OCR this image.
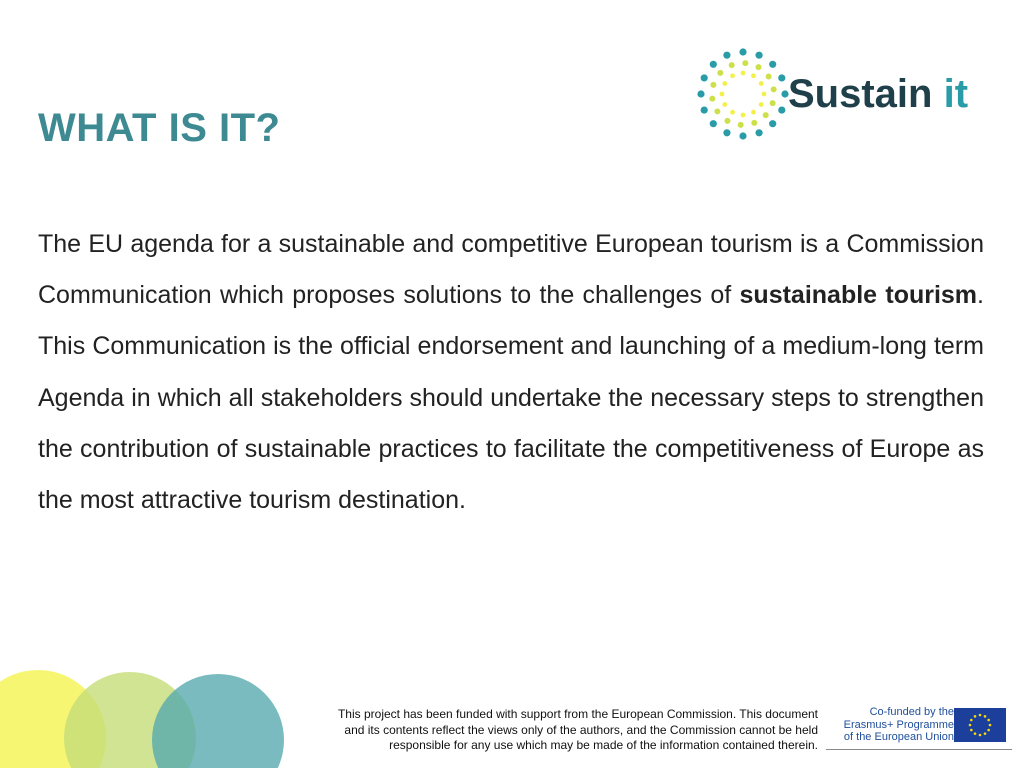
WHAT IS IT?
Sustain it

The EU agenda for a sustainable and competitive European tourism is a Commission Communication which proposes solutions to the challenges of sustainable tourism. This Communication is the official endorsement and launching of a medium-long term Agenda in which all stakeholders should undertake the necessary steps to strengthen the contribution of sustainable practices to facilitate the competitiveness of Europe as the most attractive tourism destination.

This project has been funded with support from the European Commission. This document
and its contents reflect the views only of the authors, and the Commission cannot be held
responsible for any use which may be made of the information contained therein.
Co-funded by the
Erasmus+ Programme
of the European Union
